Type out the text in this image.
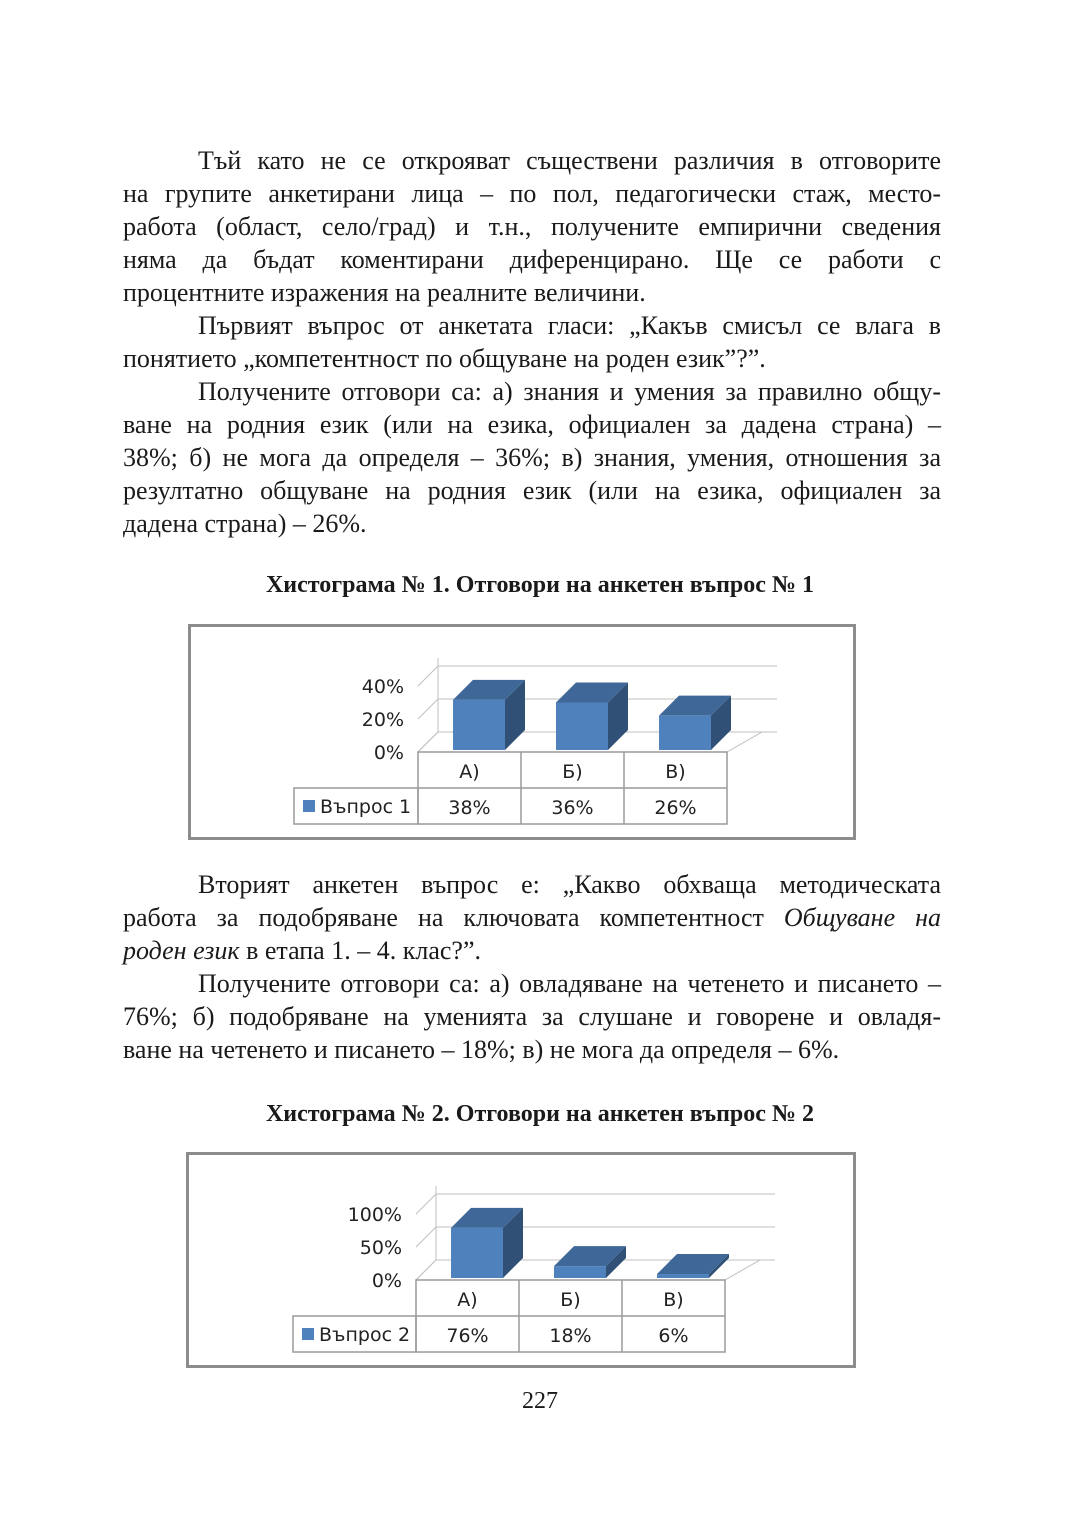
Тъй като не се открояват съществени различия в отговорите
на групите анкетирани лица – по пол, педагогически стаж, место-
работа (област, село/град) и т.н., получените емпирични сведения
няма да бъдат коментирани диференцирано. Ще се работи с
процентните изражения на реалните величини.
Първият въпрос от анкетата гласи: „Какъв смисъл се влага в
понятието „компетентност по общуване на роден език”?”.
Получените отговори са: а) знания и умения за правилно общу-
ване на родния език (или на езика, официален за дадена страна) –
38%; б) не мога да определя – 36%; в) знания, умения, отношения за
резултатно общуване на родния език (или на езика, официален за
дадена страна) – 26%.

Хистограма № 1. Отговори на анкетен въпрос № 1

40%
20%
0%
А)
38%
Б)
36%
В)
26%
Въпрос 1
Вторият анкетен въпрос е: „Какво обхваща методическата
работа за подобряване на ключовата компетентност Общуване на
роден език в етапа 1. – 4. клас?”.
Получените отговори са: а) овладяване на четенето и писането –
76%; б) подобряване на уменията за слушане и говорене и овладя-
ване на четенето и писането – 18%; в) не мога да определя – 6%.

Хистограма № 2. Отговори на анкетен въпрос № 2

100%
50%
0%
А)
76%
Б)
18%
В)
6%
Въпрос 2
227
